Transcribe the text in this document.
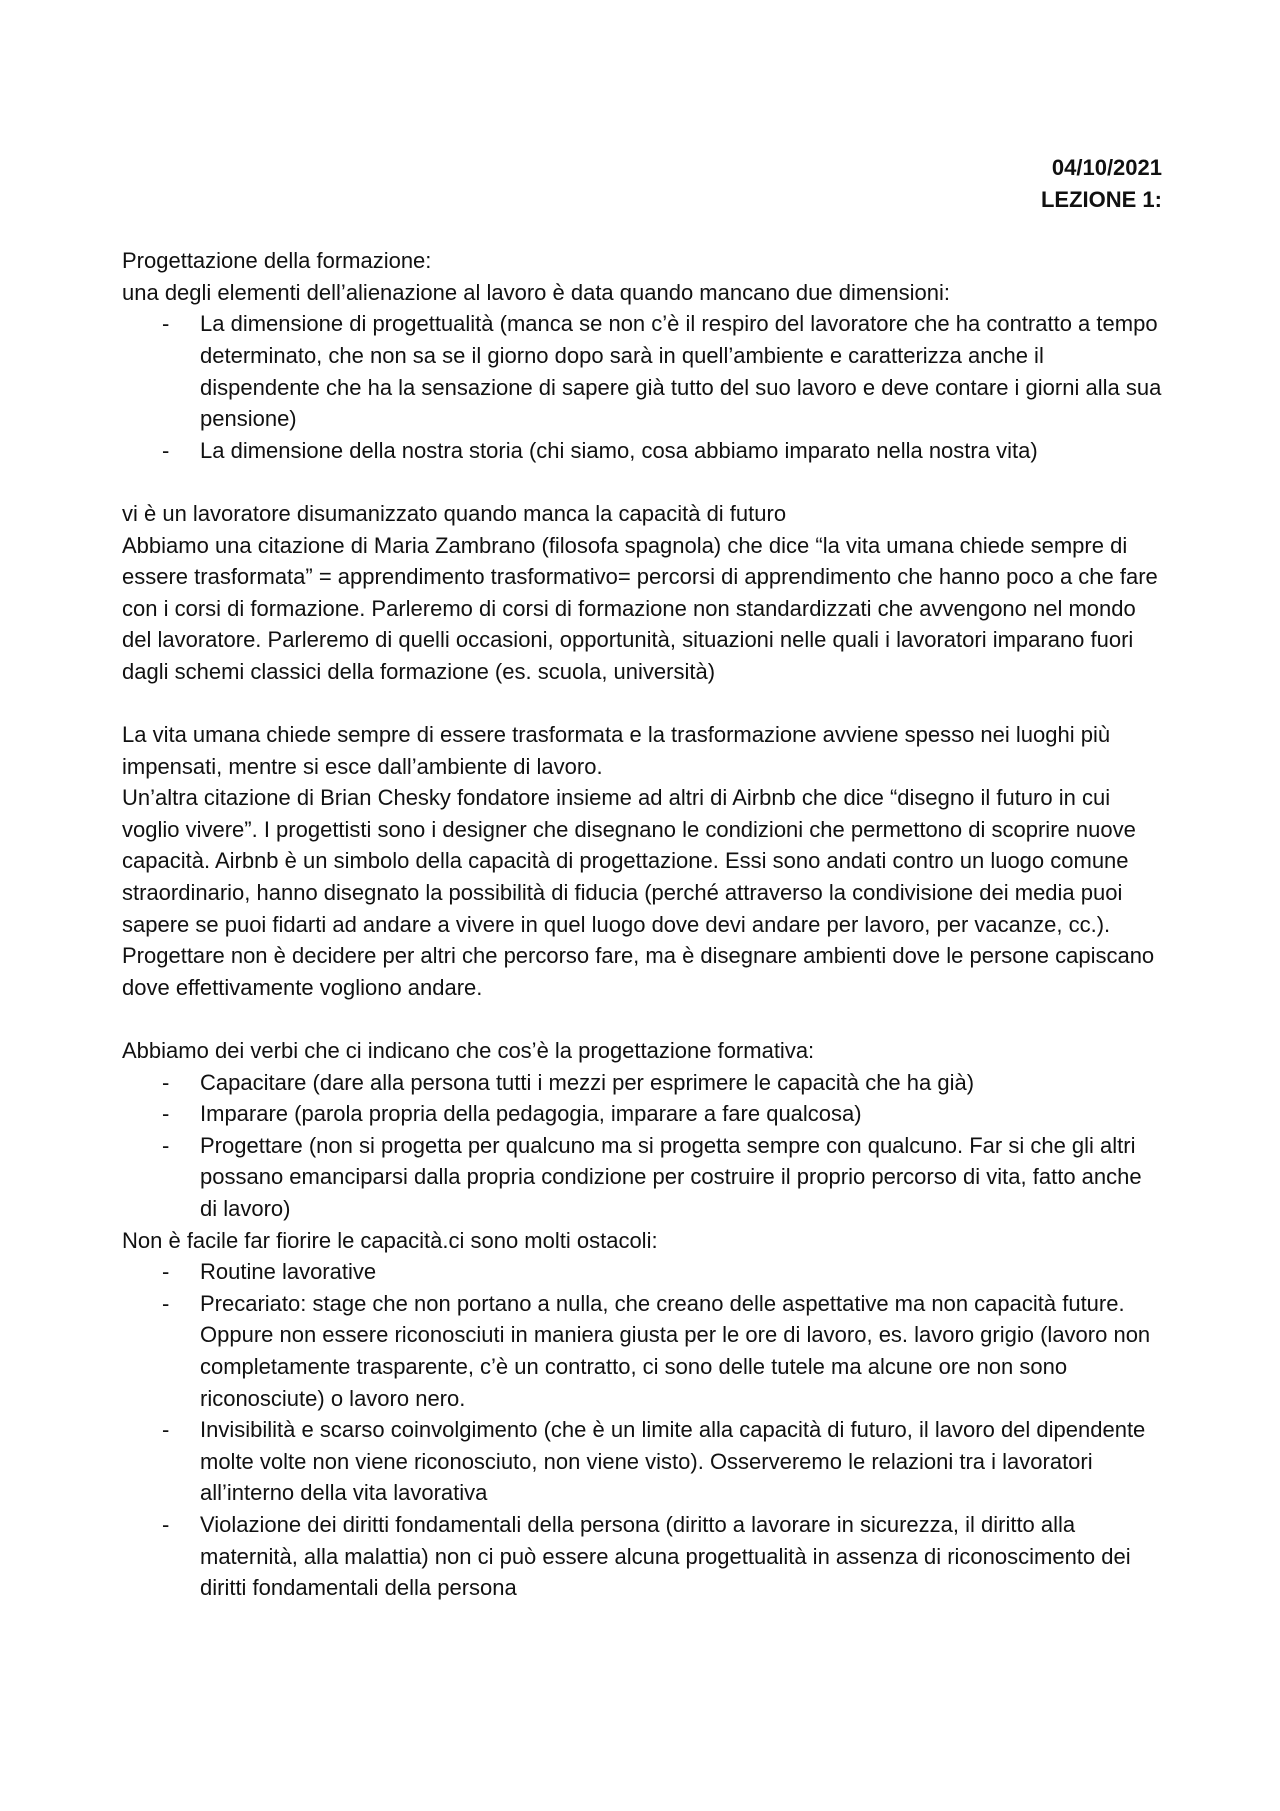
04/10/2021
LEZIONE 1:

Progettazione della formazione:

una degli elementi dell’alienazione al lavoro è data quando mancano due dimensioni:

- La dimensione di progettualità (manca se non c’è il respiro del lavoratore che ha contratto a tempo determinato, che non sa se il giorno dopo sarà in quell’ambiente e caratterizza anche il dispendente che ha la sensazione di sapere già tutto del suo lavoro e deve contare i giorni alla sua pensione)
- La dimensione della nostra storia (chi siamo, cosa abbiamo imparato nella nostra vita)

vi è un lavoratore disumanizzato quando manca la capacità di futuro

Abbiamo una citazione di Maria Zambrano (filosofa spagnola) che dice “la vita umana chiede sempre di essere trasformata” = apprendimento trasformativo= percorsi di apprendimento che hanno poco a che fare con i corsi di formazione. Parleremo di corsi di formazione non standardizzati che avvengono nel mondo del lavoratore. Parleremo di quelli occasioni, opportunità, situazioni nelle quali i lavoratori imparano fuori dagli schemi classici della formazione (es. scuola, università)

La vita umana chiede sempre di essere trasformata e la trasformazione avviene spesso nei luoghi più impensati, mentre si esce dall’ambiente di lavoro.

Un’altra citazione di Brian Chesky fondatore insieme ad altri di Airbnb che dice “disegno il futuro in cui voglio vivere”. I progettisti sono i designer che disegnano le condizioni che permettono di scoprire nuove capacità. Airbnb è un simbolo della capacità di progettazione. Essi sono andati contro un luogo comune straordinario, hanno disegnato la possibilità di fiducia (perché attraverso la condivisione dei media puoi sapere se puoi fidarti ad andare a vivere in quel luogo dove devi andare per lavoro, per vacanze, cc.).

Progettare non è decidere per altri che percorso fare, ma è disegnare ambienti dove le persone capiscano dove effettivamente vogliono andare.

Abbiamo dei verbi che ci indicano che cos’è la progettazione formativa:

- Capacitare (dare alla persona tutti i mezzi per esprimere le capacità che ha già)
- Imparare (parola propria della pedagogia, imparare a fare qualcosa)
- Progettare (non si progetta per qualcuno ma si progetta sempre con qualcuno. Far si che gli altri possano emanciparsi dalla propria condizione per costruire il proprio percorso di vita, fatto anche di lavoro)

Non è facile far fiorire le capacità.ci sono molti ostacoli:

- Routine lavorative
- Precariato: stage che non portano a nulla, che creano delle aspettative ma non capacità future. Oppure non essere riconosciuti in maniera giusta per le ore di lavoro, es. lavoro grigio (lavoro non completamente trasparente, c’è un contratto, ci sono delle tutele ma alcune ore non sono riconosciute) o lavoro nero.
- Invisibilità e scarso coinvolgimento (che è un limite alla capacità di futuro, il lavoro del dipendente molte volte non viene riconosciuto, non viene visto). Osserveremo le relazioni tra i lavoratori all’interno della vita lavorativa
- Violazione dei diritti fondamentali della persona (diritto a lavorare in sicurezza, il diritto alla maternità, alla malattia) non ci può essere alcuna progettualità in assenza di riconoscimento dei diritti fondamentali della persona
